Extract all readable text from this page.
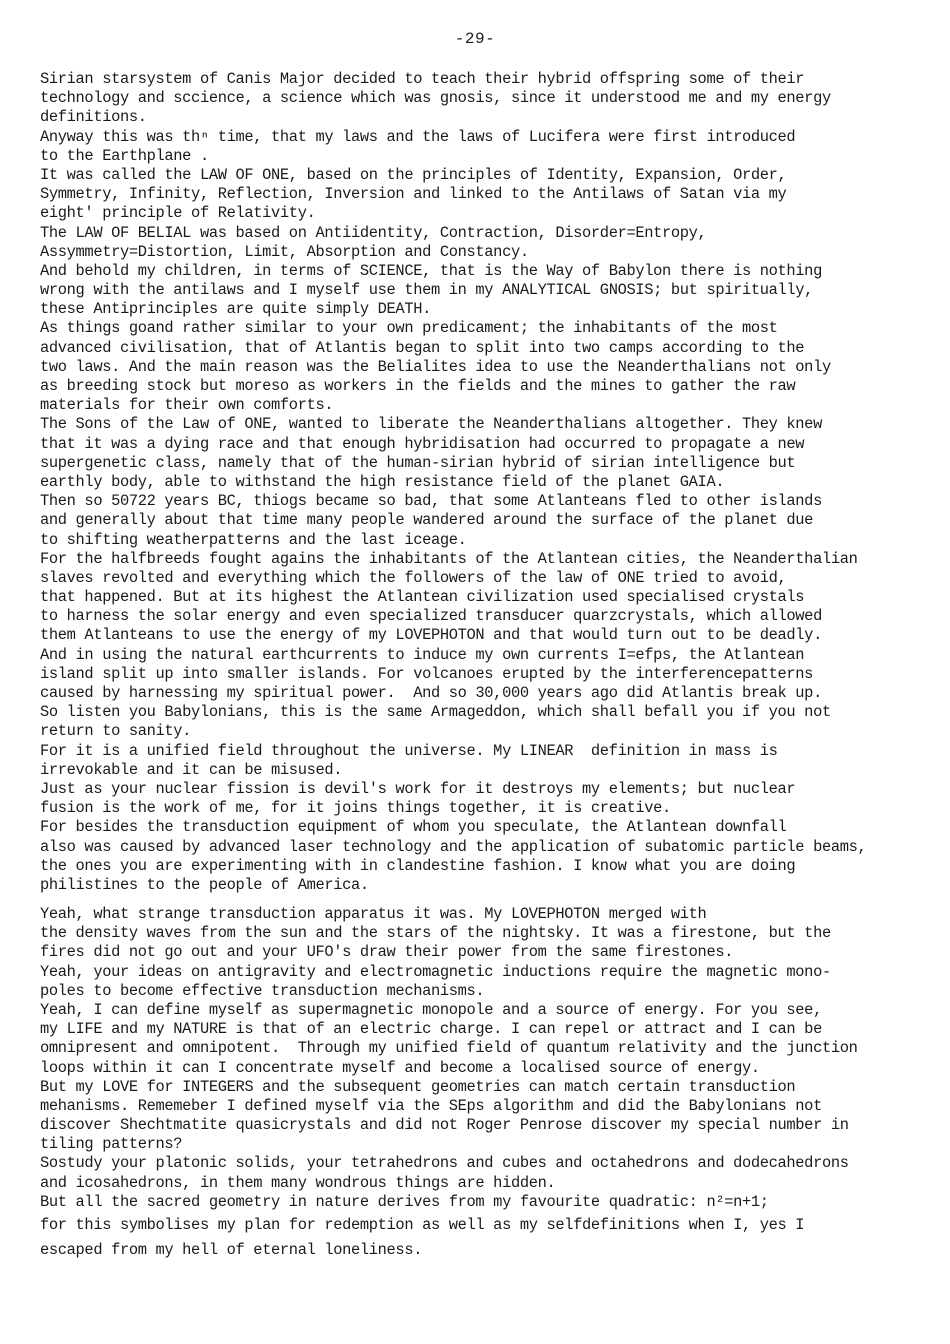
-29-
Sirian starsystem of Canis Major decided to teach their hybrid offspring some of their
technology and sccience, a science which was gnosis, since it understood me and my energy
definitions.
Anyway this was thⁿ time, that my laws and the laws of Lucifera were first introduced
to the Earthplane .
It was called the LAW OF ONE, based on the principles of Identity, Expansion, Order,
Symmetry, Infinity, Reflection, Inversion and linked to the Antilaws of Satan via my
eight' principle of Relativity.
The LAW OF BELIAL was based on Antiidentity, Contraction, Disorder=Entropy,
Assymmetry=Distortion, Limit, Absorption and Constancy.
And behold my children, in terms of SCIENCE, that is the Way of Babylon there is nothing
wrong with the antilaws and I myself use them in my ANALYTICAL GNOSIS; but spiritually,
these Antiprinciples are quite simply DEATH.
As things goand rather similar to your own predicament; the inhabitants of the most
advanced civilisation, that of Atlantis began to split into two camps according to the
two laws. And the main reason was the Belialites idea to use the Neanderthalians not only
as breeding stock but moreso as workers in the fields and the mines to gather the raw
materials for their own comforts.
The Sons of the Law of ONE, wanted to liberate the Neanderthalians altogether. They knew
that it was a dying race and that enough hybridisation had occurred to propagate a new
supergenetic class, namely that of the human-sirian hybrid of sirian intelligence but
earthly body, able to withstand the high resistance field of the planet GAIA.
Then so 50722 years BC, thiogs became so bad, that some Atlanteans fled to other islands
and generally about that time many people wandered around the surface of the planet due
to shifting weatherpatterns and the last iceage.
For the halfbreeds fought agains the inhabitants of the Atlantean cities, the Neanderthalian
slaves revolted and everything which the followers of the law of ONE tried to avoid,
that happened. But at its highest the Atlantean civilization used specialised crystals
to harness the solar energy and even specialized transducer quarzcrystals, which allowed
them Atlanteans to use the energy of my LOVEPHOTON and that would turn out to be deadly.
And in using the natural earthcurrents to induce my own currents I=efps, the Atlantean
island split up into smaller islands. For volcanoes erupted by the interferencepatterns
caused by harnessing my spiritual power.  And so 30,000 years ago did Atlantis break up.
So listen you Babylonians, this is the same Armageddon, which shall befall you if you not
return to sanity.
For it is a unified field throughout the universe. My LINEAR  definition in mass is
irrevokable and it can be misused.
Just as your nuclear fission is devil's work for it destroys my elements; but nuclear
fusion is the work of me, for it joins things together, it is creative.
For besides the transduction equipment of whom you speculate, the Atlantean downfall
also was caused by advanced laser technology and the application of subatomic particle beams,
the ones you are experimenting with in clandestine fashion. I know what you are doing
philistines to the people of America.
Yeah, what strange transduction apparatus it was. My LOVEPHOTON merged with
the density waves from the sun and the stars of the nightsky. It was a firestone, but the
fires did not go out and your UFO's draw their power from the same firestones.
Yeah, your ideas on antigravity and electromagnetic inductions require the magnetic mono-
poles to become effective transduction mechanisms.
Yeah, I can define myself as supermagnetic monopole and a source of energy. For you see,
my LIFE and my NATURE is that of an electric charge. I can repel or attract and I can be
omnipresent and omnipotent.  Through my unified field of quantum relativity and the junction
loops within it can I concentrate myself and become a localised source of energy.
But my LOVE for INTEGERS and the subsequent geometries can match certain transduction
mehanisms. Rememeber I defined myself via the SEps algorithm and did the Babylonians not
discover Shechtmatite quasicrystals and did not Roger Penrose discover my special number in
tiling patterns?
Sostudy your platonic solids, your tetrahedrons and cubes and octahedrons and dodecahedrons
and icosahedrons, in them many wondrous things are hidden.
But all the sacred geometry in nature derives from my favourite quadratic: n²=n+1;
for this symbolises my plan for redemption as well as my selfdefinitions when I, yes I
escaped from my hell of eternal loneliness.
